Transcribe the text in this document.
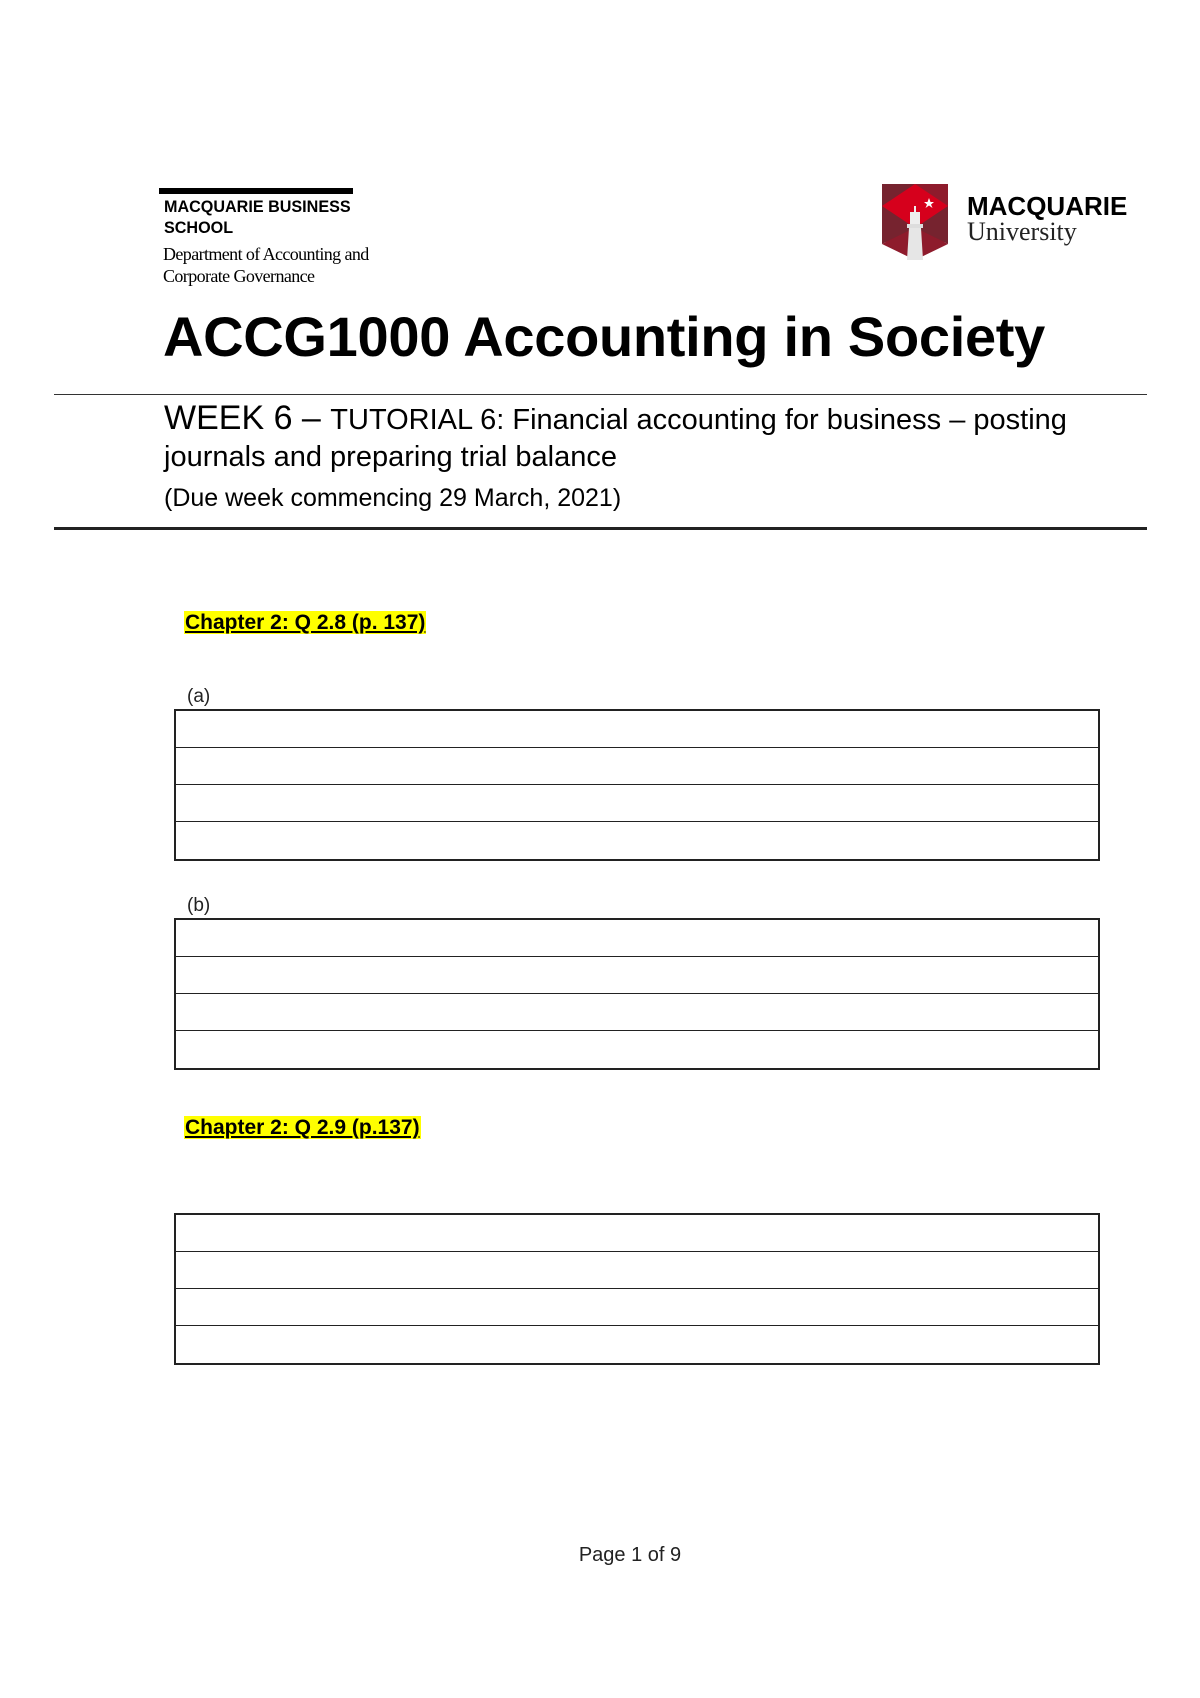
MACQUARIE BUSINESS
SCHOOL
Department of Accounting and
Corporate Governance
MACQUARIE
University
ACCG1000 Accounting in Society
WEEK 6 – TUTORIAL 6: Financial accounting for business – posting journals and preparing trial balance
(Due week commencing 29 March, 2021)
Chapter 2: Q 2.8 (p. 137)
(a)
(b)
Chapter 2: Q 2.9 (p.137)
Page 1 of 9
